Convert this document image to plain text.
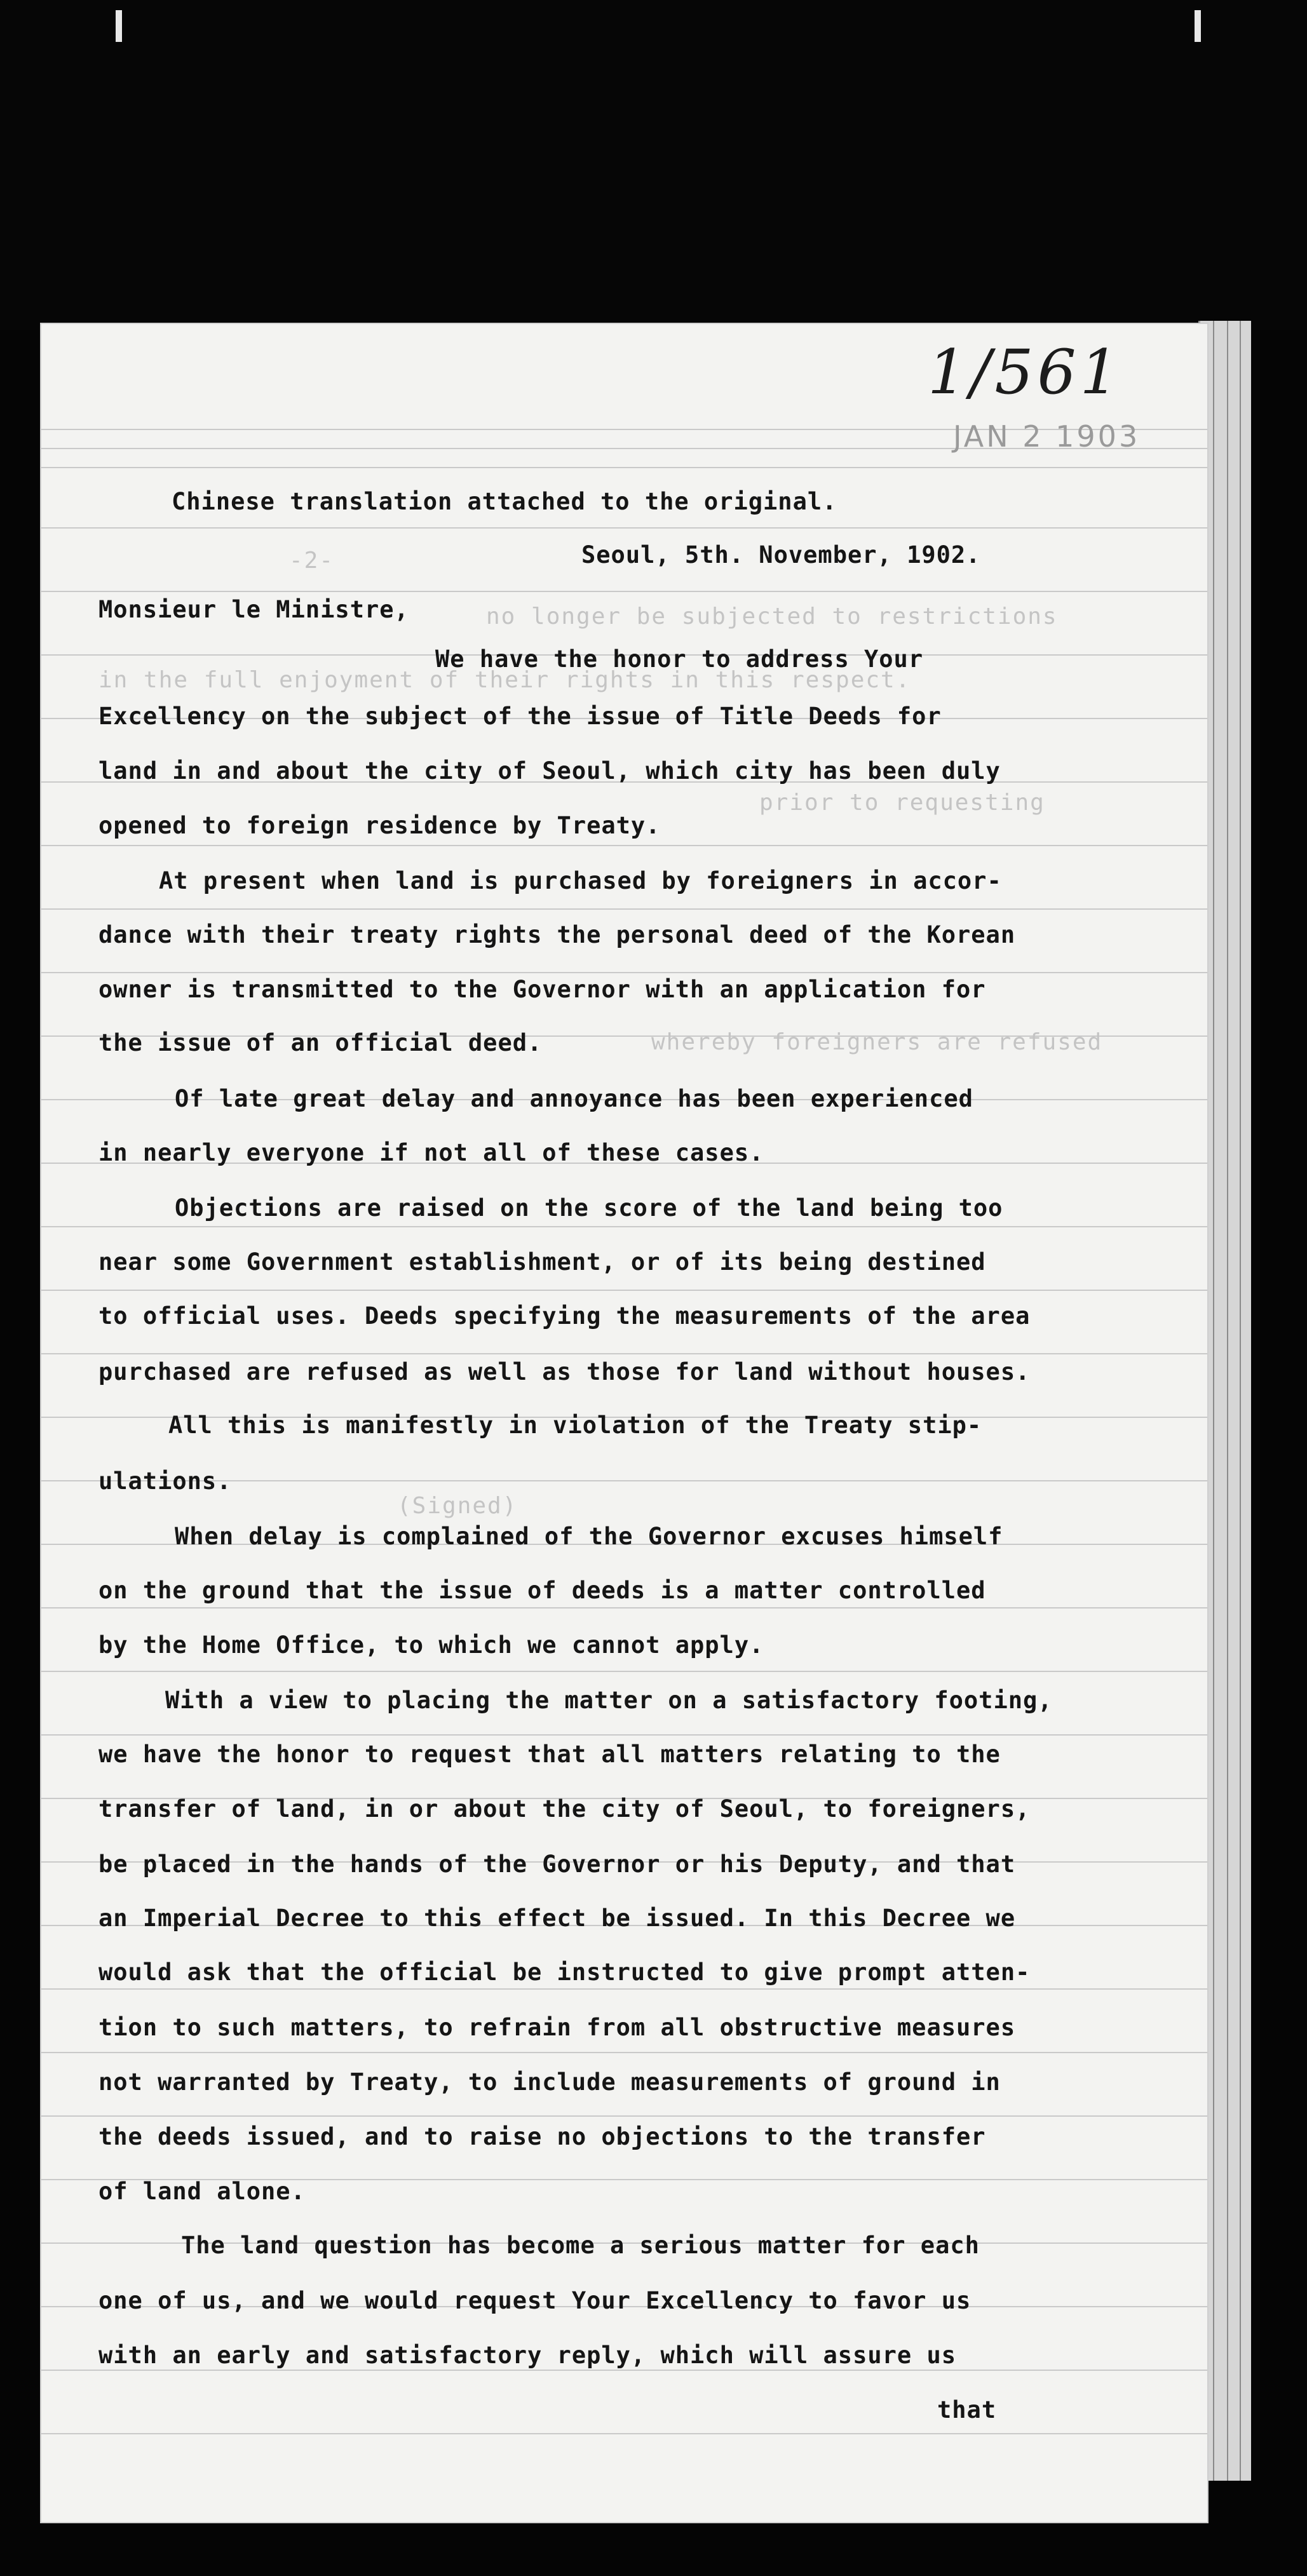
-2-
no longer be subjected to restrictions
in the full enjoyment of their rights in this respect.
prior to requesting
whereby foreigners are refused
(Signed)
1/561
JAN 2 1903
Chinese translation attached to the original.
Seoul, 5th. November, 1902.
Monsieur le Ministre,
We have the honor to address Your
Excellency on the subject of the issue of Title Deeds for
land in and about the city of Seoul, which city has been duly
opened to foreign residence by Treaty.
At present when land is purchased by foreigners in accor-
dance with their treaty rights the personal deed of the Korean
owner is transmitted to the Governor with an application for
the issue of an official deed.
Of late great delay and annoyance has been experienced
in nearly everyone if not all of these cases.
Objections are raised on the score of the land being too
near some Government establishment, or of its being destined
to official uses. Deeds specifying the measurements of the area
purchased are refused as well as those for land without houses.
All this is manifestly in violation of the Treaty stip-
ulations.
When delay is complained of the Governor excuses himself
on the ground that the issue of deeds is a matter controlled
by the Home Office, to which we cannot apply.
With a view to placing the matter on a satisfactory footing,
we have the honor to request that all matters relating to the
transfer of land, in or about the city of Seoul, to foreigners,
be placed in the hands of the Governor or his Deputy, and that
an Imperial Decree to this effect be issued. In this Decree we
would ask that the official be instructed to give prompt atten-
tion to such matters, to refrain from all obstructive measures
not warranted by Treaty, to include measurements of ground in
the deeds issued, and to raise no objections to the transfer
of land alone.
The land question has become a serious matter for each
one of us, and we would request Your Excellency to favor us
with an early and satisfactory reply, which will assure us
that
